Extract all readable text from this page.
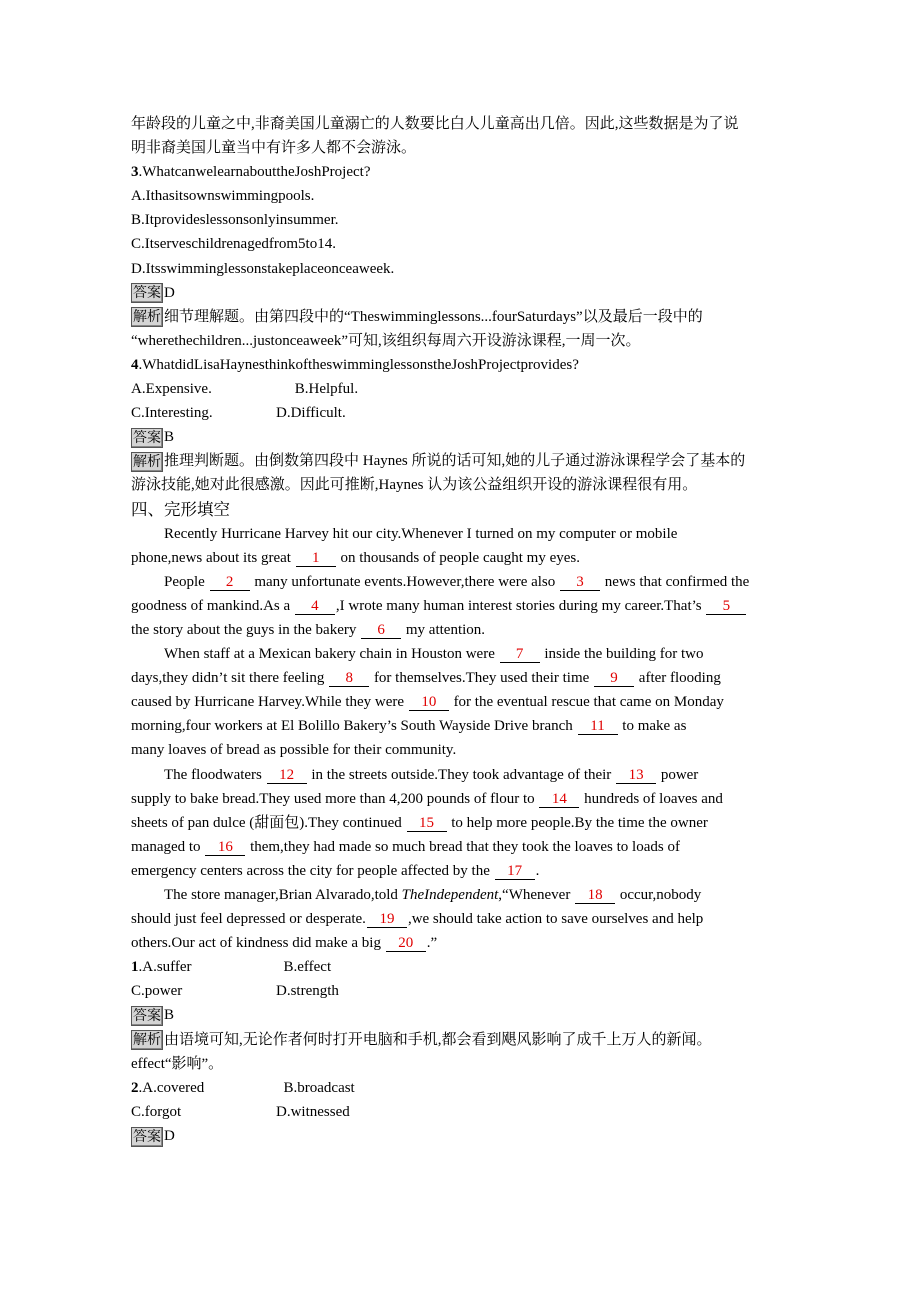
年龄段的儿童之中,非裔美国儿童溺亡的人数要比白人儿童高出几倍。因此,这些数据是为了说
明非裔美国儿童当中有许多人都不会游泳。
3.WhatcanwelearnabouttheJoshProject?
A.Ithasitsownswimmingpools.
B.Itprovideslessonsonlyinsummer.
C.Itserveschildrenagedfrom5to14.
D.Itsswimminglessonstakeplaceonceaweek.
答案 D
解析 细节理解题。由第四段中的“Theswimminglessons...fourSaturdays”以及最后一段中的
“wherethechildren...justonceaweek”可知,该组织每周六开设游泳课程,一周一次。
4.WhatdidLisaHaynesthinkoftheswimminglessonstheJoshProjectprovides?
A.Expensive.	B.Helpful.
C.Interesting.	D.Difficult.
答案 B
解析 推理判断题。由倒数第四段中 Haynes 所说的话可知,她的儿子通过游泳课程学会了基本的
游泳技能,她对此很感激。因此可推断,Haynes 认为该公益组织开设的游泳课程很有用。
四、完形填空
Recently Hurricane Harvey hit our city.Whenever I turned on my computer or mobile
phone,news about its great 1 on thousands of people caught my eyes.
People 2 many unfortunate events.However,there were also 3 news that confirmed the
goodness of mankind.As a 4 ,I wrote many human interest stories during my career.That’s 5
the story about the guys in the bakery 6 my attention.
When staff at a Mexican bakery chain in Houston were 7 inside the building for two
days,they didn’t sit there feeling 8 for themselves.They used their time 9 after flooding
caused by Hurricane Harvey.While they were 10 for the eventual rescue that came on Monday
morning,four workers at El Bolillo Bakery’s South Wayside Drive branch 11 to make as
many loaves of bread as possible for their community.
The floodwaters 12 in the streets outside.They took advantage of their 13 power
supply to bake bread.They used more than 4,200 pounds of flour to 14 hundreds of loaves and
sheets of pan dulce (甜面包).They continued 15 to help more people.By the time the owner
managed to 16 them,they had made so much bread that they took the loaves to loads of
emergency centers across the city for people affected by the 17 .
The store manager,Brian Alvarado,told TheIndependent,“Whenever 18 occur,nobody
should just feel depressed or desperate. 19 ,we should take action to save ourselves and help
others.Our act of kindness did make a big 20 .”
1.A.suffer	B.effect
C.power	D.strength
答案 B
解析 由语境可知,无论作者何时打开电脑和手机,都会看到飓风影响了成千上万人的新闻。
effect“影响”。
2.A.covered	B.broadcast
C.forgot	D.witnessed
答案 D
